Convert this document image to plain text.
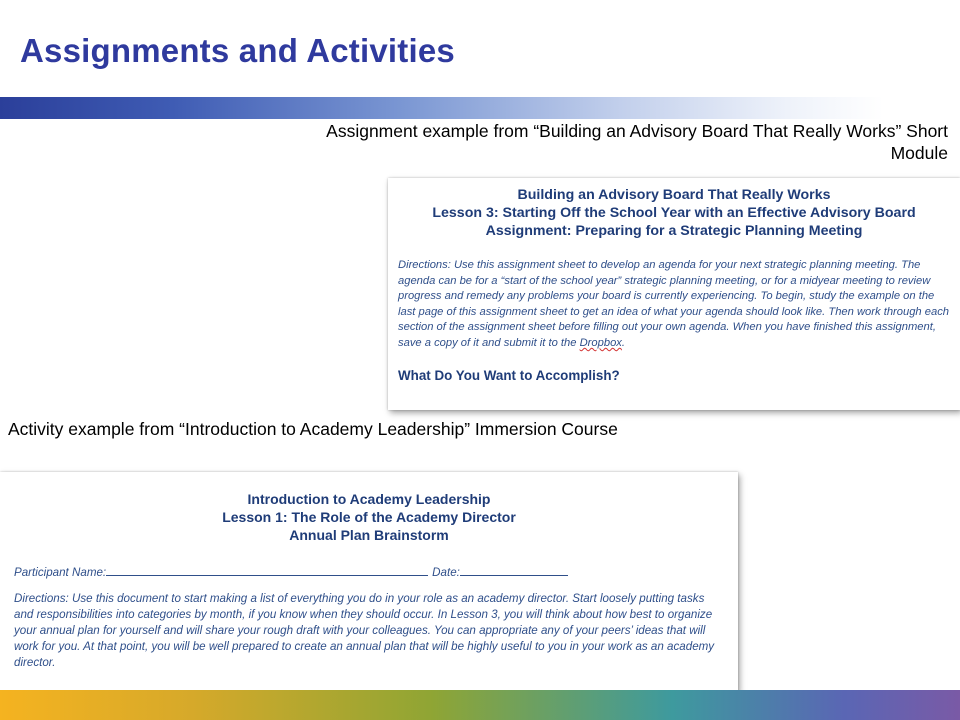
Assignments and Activities
Assignment example from “Building an Advisory Board That Really Works” Short Module
Building an Advisory Board That Really Works
Lesson 3: Starting Off the School Year with an Effective Advisory Board
Assignment: Preparing for a Strategic Planning Meeting

Directions: Use this assignment sheet to develop an agenda for your next strategic planning meeting. The agenda can be for a “start of the school year” strategic planning meeting, or for a midyear meeting to review progress and remedy any problems your board is currently experiencing. To begin, study the example on the last page of this assignment sheet to get an idea of what your agenda should look like. Then work through each section of the assignment sheet before filling out your own agenda. When you have finished this assignment, save a copy of it and submit it to the Dropbox.

What Do You Want to Accomplish?
Activity example from “Introduction to Academy Leadership” Immersion Course
Introduction to Academy Leadership
Lesson 1: The Role of the Academy Director
Annual Plan Brainstorm
Participant Name:	Date:

Directions: Use this document to start making a list of everything you do in your role as an academy director. Start loosely putting tasks and responsibilities into categories by month, if you know when they should occur. In Lesson 3, you will think about how best to organize your annual plan for yourself and will share your rough draft with your colleagues. You can appropriate any of your peers’ ideas that will work for you. At that point, you will be well prepared to create an annual plan that will be highly useful to you in your work as an academy director.
